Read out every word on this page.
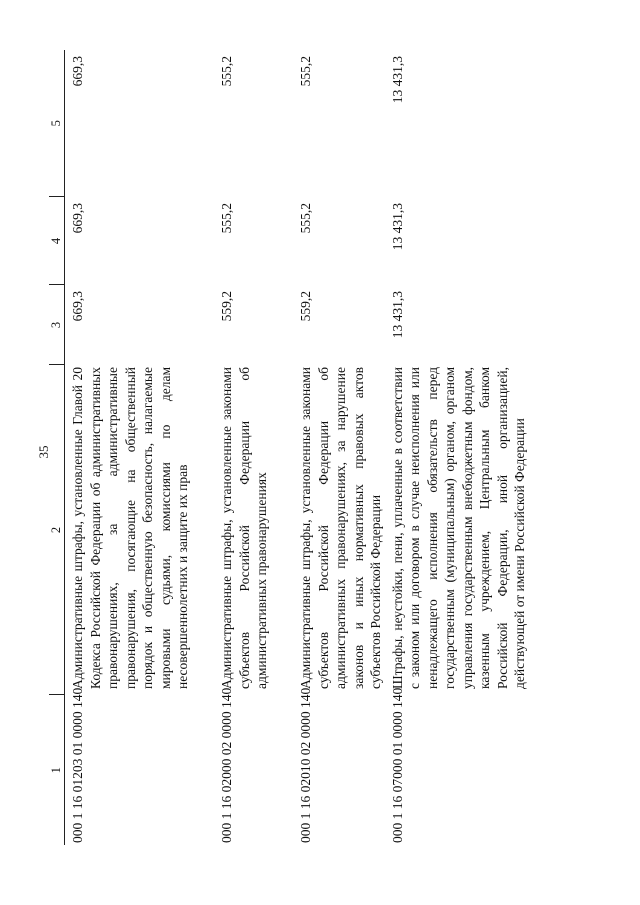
35
1	2	3	4	5
000 1 16 01203 01 0000 140	Административные штрафы, установленные Главой 20 Кодекса Российской Федерации об административных правонарушениях, за административные правонарушения, посягающие на общественный порядок и общественную безопасность, налагаемые мировыми судьями, комиссиями по делам несовершеннолетних и защите их прав	669,3	669,3	669,3
000 1 16 02000 02 0000 140	Административные штрафы, установленные законами субъектов Российской Федерации об административных правонарушениях	559,2	555,2	555,2
000 1 16 02010 02 0000 140	Административные штрафы, установленные законами субъектов Российской Федерации об административных правонарушениях, за нарушение законов и иных нормативных правовых актов субъектов Российской Федерации	559,2	555,2	555,2
000 1 16 07000 01 0000 140	Штрафы, неустойки, пени, уплаченные в соответствии с законом или договором в случае неисполнения или ненадлежащего исполнения обязательств перед государственным (муниципальным) органом, органом управления государственным внебюджетным фондом, казенным учреждением, Центральным банком Российской Федерации, иной организацией, действующей от имени Российской Федерации	13 431,3	13 431,3	13 431,3
